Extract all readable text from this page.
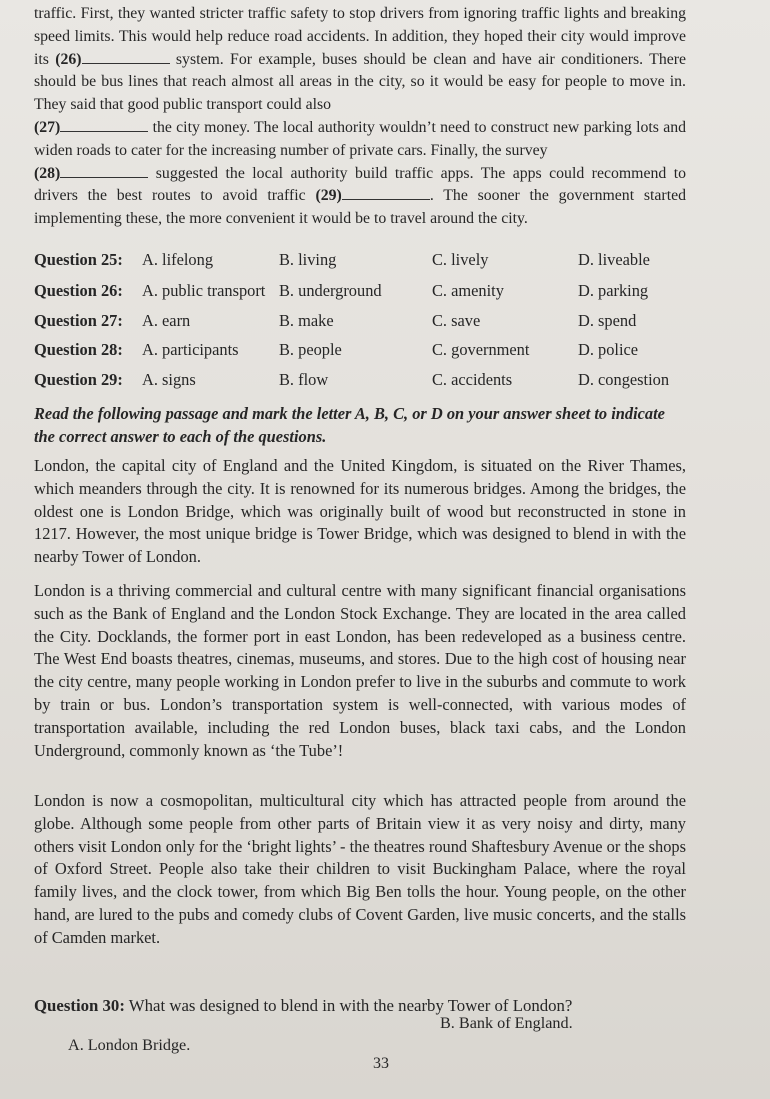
traffic. First, they wanted stricter traffic safety to stop drivers from ignoring traffic lights and breaking speed limits. This would help reduce road accidents. In addition, they hoped their city would improve its (26)	system. For example, buses should be clean and have air conditioners. There should be bus lines that reach almost all areas in the city, so it would be easy for people to move in. They said that good public transport could also
(27)	the city money. The local authority wouldn’t need to construct new parking lots and widen roads to cater for the increasing number of private cars. Finally, the survey
(28)	suggested the local authority build traffic apps. The apps could recommend to drivers the best routes to avoid traffic (29)	. The sooner the government started implementing these, the more convenient it would be to travel around the city.

Question 25: A. lifelong	B. living	C. lively	D. liveable
Question 26: A. public transport B. underground	C. amenity	D. parking
Question 27: A. earn	B. make	C. save	D. spend
Question 28: A. participants B. people	C. government	D. police
Question 29: A. signs	B. flow	C. accidents	D. congestion

Read the following passage and mark the letter A, B, C, or D on your answer sheet to indicate the correct answer to each of the questions.

London, the capital city of England and the United Kingdom, is situated on the River Thames, which meanders through the city. It is renowned for its numerous bridges. Among the bridges, the oldest one is London Bridge, which was originally built of wood but reconstructed in stone in 1217. However, the most unique bridge is Tower Bridge, which was designed to blend in with the nearby Tower of London.

London is a thriving commercial and cultural centre with many significant financial organisations such as the Bank of England and the London Stock Exchange. They are located in the area called the City. Docklands, the former port in east London, has been redeveloped as a business centre. The West End boasts theatres, cinemas, museums, and stores. Due to the high cost of housing near the city centre, many people working in London prefer to live in the suburbs and commute to work by train or bus. London’s transportation system is well-connected, with various modes of transportation available, including the red London buses, black taxi cabs, and the London Underground, commonly known as ‘the Tube’!

London is now a cosmopolitan, multicultural city which has attracted people from around the globe. Although some people from other parts of Britain view it as very noisy and dirty, many others visit London only for the ‘bright lights’ - the theatres round Shaftesbury Avenue or the shops of Oxford Street. People also take their children to visit Buckingham Palace, where the royal family lives, and the clock tower, from which Big Ben tolls the hour. Young people, on the other hand, are lured to the pubs and comedy clubs of Covent Garden, live music concerts, and the stalls of Camden market.

Question 30: What was designed to blend in with the nearby Tower of London?
B. Bank of England.
A. London Bridge.
33
